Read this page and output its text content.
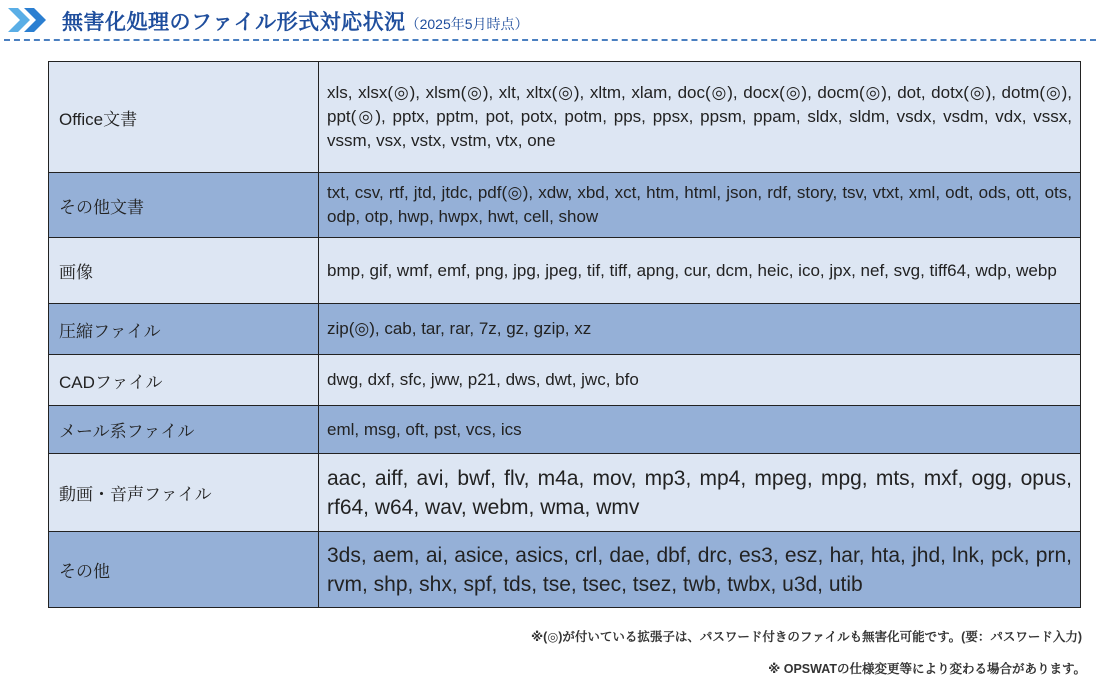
無害化処理のファイル形式対応状況（2025年5月時点）
Office文書	xls, xlsx(◎), xlsm(◎), xlt, xltx(◎), xltm, xlam, doc(◎), docx(◎), docm(◎), dot, dotx(◎), dotm(◎), ppt(◎), pptx, pptm, pot, potx, potm, pps, ppsx, ppsm, ppam, sldx, sldm, vsdx, vsdm, vdx, vssx, vssm, vsx, vstx, vstm, vtx, one
その他文書	txt, csv, rtf, jtd, jtdc, pdf(◎), xdw, xbd, xct, htm, html, json, rdf, story, tsv, vtxt, xml, odt, ods, ott, ots, odp, otp, hwp, hwpx, hwt, cell, show
画像	bmp, gif, wmf, emf, png, jpg, jpeg, tif, tiff, apng, cur, dcm, heic, ico, jpx, nef, svg, tiff64, wdp, webp
圧縮ファイル	zip(◎), cab, tar, rar, 7z, gz, gzip, xz
CADファイル	dwg, dxf, sfc, jww, p21, dws, dwt, jwc, bfo
メール系ファイル	eml, msg, oft, pst, vcs, ics
動画・音声ファイル	aac, aiff, avi, bwf, flv, m4a, mov, mp3, mp4, mpeg, mpg, mts, mxf, ogg, opus, rf64, w64, wav, webm, wma, wmv
その他	3ds, aem, ai, asice, asics, crl, dae, dbf, drc, es3, esz, har, hta, jhd, lnk, pck, prn, rvm, shp, shx, spf, tds, tse, tsec, tsez, twb, twbx, u3d, utib
※(◎)が付いている拡張子は、パスワード付きのファイルも無害化可能です。(要：パスワード入力)
※ OPSWATの仕様変更等により変わる場合があります。
